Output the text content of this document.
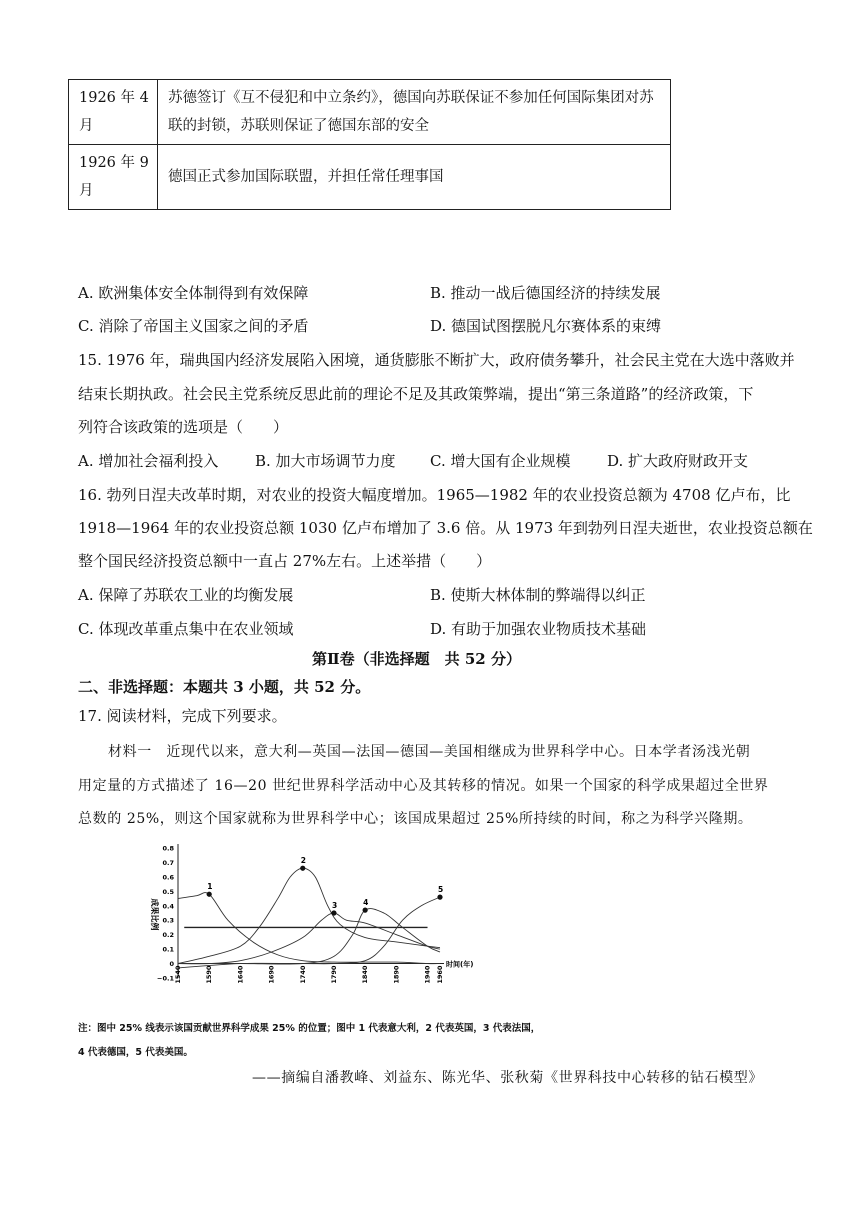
1926 年 4 月	苏德签订《互不侵犯和中立条约》，德国向苏联保证不参加任何国际集团对苏联的封锁，苏联则保证了德国东部的安全
1926 年 9 月	德国正式参加国际联盟，并担任常任理事国
A. 欧洲集体安全体制得到有效保障	B. 推动一战后德国经济的持续发展
C. 消除了帝国主义国家之间的矛盾	D. 德国试图摆脱凡尔赛体系的束缚
15. 1976 年，瑞典国内经济发展陷入困境，通货膨胀不断扩大，政府债务攀升，社会民主党在大选中落败并
结束长期执政。社会民主党系统反思此前的理论不足及其政策弊端，提出“第三条道路”的经济政策，下
列符合该政策的选项是（　　）
A. 增加社会福利投入 B. 加大市场调节力度 C. 增大国有企业规模 D. 扩大政府财政开支
16. 勃列日涅夫改革时期，对农业的投资大幅度增加。1965—1982 年的农业投资总额为 4708 亿卢布，比
1918—1964 年的农业投资总额 1030 亿卢布增加了 3.6 倍。从 1973 年到勃列日涅夫逝世，农业投资总额在
整个国民经济投资总额中一直占 27%左右。上述举措（　　）
A. 保障了苏联农工业的均衡发展	B. 使斯大林体制的弊端得以纠正
C. 体现改革重点集中在农业领域	D. 有助于加强农业物质技术基础
第Ⅱ卷（非选择题　共 52 分）
二、非选择题：本题共 3 小题，共 52 分。
17. 阅读材料，完成下列要求。
材料一　近现代以来，意大利—英国—法国—德国—美国相继成为世界科学中心。日本学者汤浅光朝
用定量的方式描述了 16—20 世纪世界科学活动中心及其转移的情况。如果一个国家的科学成果超过全世界
总数的 25%，则这个国家就称为世界科学中心；该国成果超过 25%所持续的时间，称之为科学兴隆期。
0.8
0.7
0.6
0.5
0.4
0.3
0.2
0.1
0
−0.1 1540	1590	1640	1690	1740	1790	1840	1890	1940 1960
1
2
3	4
5
成果比例
时间(年)
注：图中 25% 线表示该国贡献世界科学成果 25% 的位置；图中 1 代表意大利，2 代表英国，3 代表法国，
4 代表德国，5 代表美国。
——摘编自潘教峰、刘益东、陈光华、张秋菊《世界科技中心转移的钻石模型》
